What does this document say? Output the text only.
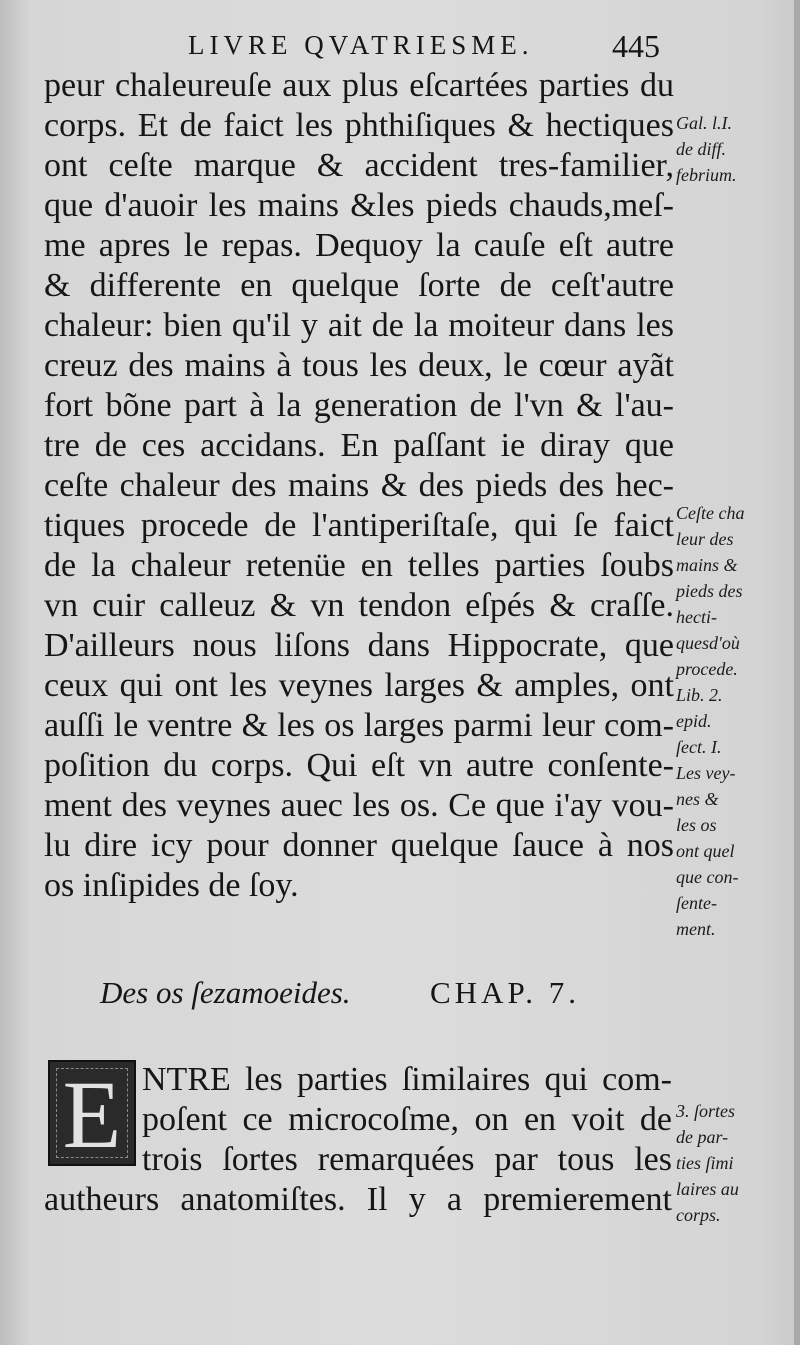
LIVRE QVATRIESME. 445
peur chaleureuſe aux plus eſcartées parties du
corps. Et de faict les phthiſiques & hectiques
ont ceſte marque & accident tres-familier,
que d'auoir les mains &les pieds chauds,meſ-
me apres le repas. Dequoy la cauſe eſt autre
& differente en quelque ſorte de ceſt'autre
chaleur: bien qu'il y ait de la moiteur dans les
creuz des mains à tous les deux, le cœur ayãt
fort bõne part à la generation de l'vn & l'au-
tre de ces accidans. En paſſant ie diray que
ceſte chaleur des mains & des pieds des hec-
tiques procede de l'antiperiſtaſe, qui ſe faict
de la chaleur retenüe en telles parties ſoubs
vn cuir calleuz & vn tendon eſpés & craſſe.
D'ailleurs nous liſons dans Hippocrate, que
ceux qui ont les veynes larges & amples, ont
auſſi le ventre & les os larges parmi leur com-
poſition du corps. Qui eſt vn autre conſente-
ment des veynes auec les os. Ce que i'ay vou-
lu dire icy pour donner quelque ſauce à nos
os inſipides de ſoy.
Gal. l.I.
de diff.
febrium.

Ceſte cha
leur des
mains &
pieds des
hecti-
quesd'où
procede.
Lib. 2.
epid.
ſect. I.
Les vey-
nes &
les os
ont quel
que con-
ſente-
ment.
Des os ſezamoeides.	CHAP. 7.
E NTRE les parties ſimilaires qui com-
poſent ce microcoſme, on en voit de
trois ſortes remarquées par tous les
autheurs anatomiſtes. Il y a premierement
3. ſortes
de par-
ties ſimi
laires au
corps.
